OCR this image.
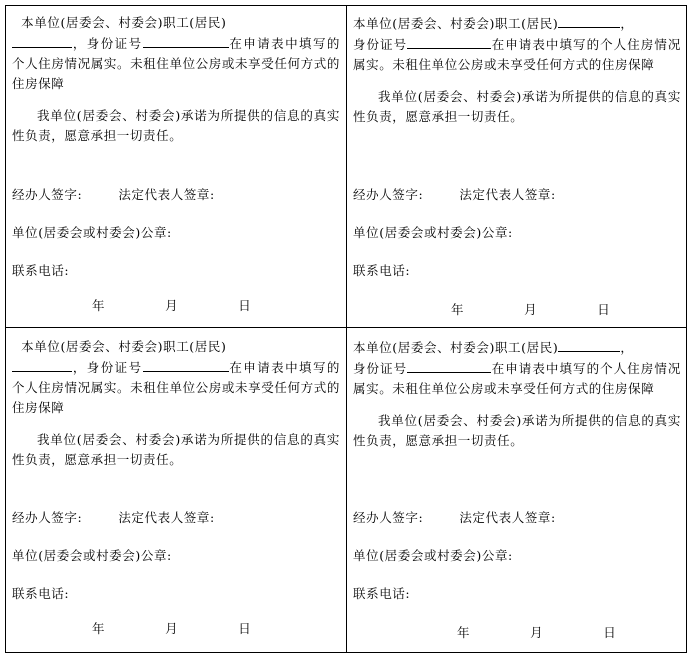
本单位(居委会、村委会)职工(居民)
，身份证号	在申请表中填写的个人住房情况属实。未租住单位公房或未享受任何方式的住房保障

我单位(居委会、村委会)承诺为所提供的信息的真实性负责，愿意承担一切责任。

经办人签字:	法定代表人签章:
单位(居委会或村委会)公章:
联系电话:
年	月	日

本单位(居委会、村委会)职工(居民)	，
身份证号	在申请表中填写的个人住房情况属实。未租住单位公房或未享受任何方式的住房保障

我单位(居委会、村委会)承诺为所提供的信息的真实性负责，愿意承担一切责任。

经办人签字:	法定代表人签章:
单位(居委会或村委会)公章:
联系电话:
年	月	日

本单位(居委会、村委会)职工(居民)
，身份证号	在申请表中填写的个人住房情况属实。未租住单位公房或未享受任何方式的住房保障

我单位(居委会、村委会)承诺为所提供的信息的真实性负责，愿意承担一切责任。

经办人签字:	法定代表人签章:
单位(居委会或村委会)公章:
联系电话:
年	月	日

本单位(居委会、村委会)职工(居民)	，
身份证号	在申请表中填写的个人住房情况属实。未租住单位公房或未享受任何方式的住房保障

我单位(居委会、村委会)承诺为所提供的信息的真实性负责，愿意承担一切责任。

经办人签字:	法定代表人签章:
单位(居委会或村委会)公章:
联系电话:
年	月	日
